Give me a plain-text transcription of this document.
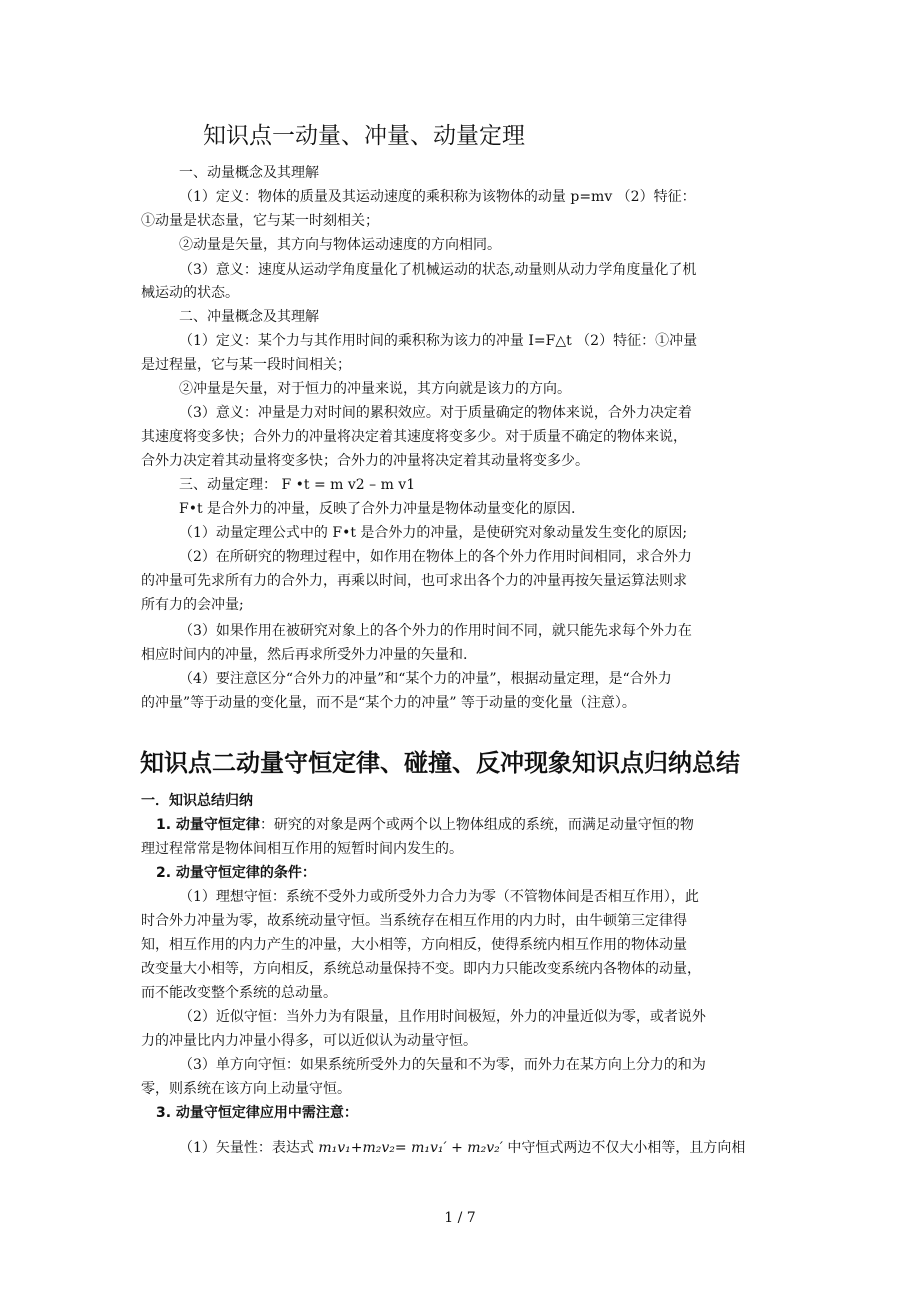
知识点一动量、冲量、动量定理
一、动量概念及其理解
（1）定义：物体的质量及其运动速度的乘积称为该物体的动量 p=mv （2）特征：
①动量是状态量，它与某一时刻相关；
②动量是矢量，其方向与物体运动速度的方向相同。
（3）意义：速度从运动学角度量化了机械运动的状态,动量则从动力学角度量化了机
械运动的状态。
二、冲量概念及其理解
（1）定义：某个力与其作用时间的乘积称为该力的冲量 I=F△t （2）特征：①冲量
是过程量，它与某一段时间相关；
②冲量是矢量，对于恒力的冲量来说，其方向就是该力的方向。
（3）意义：冲量是力对时间的累积效应。对于质量确定的物体来说，合外力决定着
其速度将变多快；合外力的冲量将决定着其速度将变多少。对于质量不确定的物体来说，
合外力决定着其动量将变多快；合外力的冲量将决定着其动量将变多少。
三、动量定理： F •t = m v2 – m v1
F•t 是合外力的冲量，反映了合外力冲量是物体动量变化的原因.
（1）动量定理公式中的 F•t 是合外力的冲量，是使研究对象动量发生变化的原因;
（2）在所研究的物理过程中，如作用在物体上的各个外力作用时间相同，求合外力
的冲量可先求所有力的合外力，再乘以时间，也可求出各个力的冲量再按矢量运算法则求
所有力的会冲量;
（3）如果作用在被研究对象上的各个外力的作用时间不同，就只能先求每个外力在
相应时间内的冲量，然后再求所受外力冲量的矢量和.
（4）要注意区分“合外力的冲量”和“某个力的冲量”，根据动量定理，是“合外力
的冲量”等于动量的变化量，而不是“某个力的冲量” 等于动量的变化量（注意）。
知识点二动量守恒定律、碰撞、反冲现象知识点归纳总结
一．知识总结归纳
1. 动量守恒定律：研究的对象是两个或两个以上物体组成的系统，而满足动量守恒的物
理过程常常是物体间相互作用的短暂时间内发生的。
2. 动量守恒定律的条件：
（1）理想守恒：系统不受外力或所受外力合力为零（不管物体间是否相互作用），此
时合外力冲量为零，故系统动量守恒。当系统存在相互作用的内力时，由牛顿第三定律得
知，相互作用的内力产生的冲量，大小相等，方向相反，使得系统内相互作用的物体动量
改变量大小相等，方向相反，系统总动量保持不变。即内力只能改变系统内各物体的动量，
而不能改变整个系统的总动量。
（2）近似守恒：当外力为有限量，且作用时间极短，外力的冲量近似为零，或者说外
力的冲量比内力冲量小得多，可以近似认为动量守恒。
（3）单方向守恒：如果系统所受外力的矢量和不为零，而外力在某方向上分力的和为
零，则系统在该方向上动量守恒。
3. 动量守恒定律应用中需注意：
（1）矢量性：表达式 m₁v₁+m₂v₂= m₁v₁′ + m₂v₂′ 中守恒式两边不仅大小相等，且方向相
1 / 7
